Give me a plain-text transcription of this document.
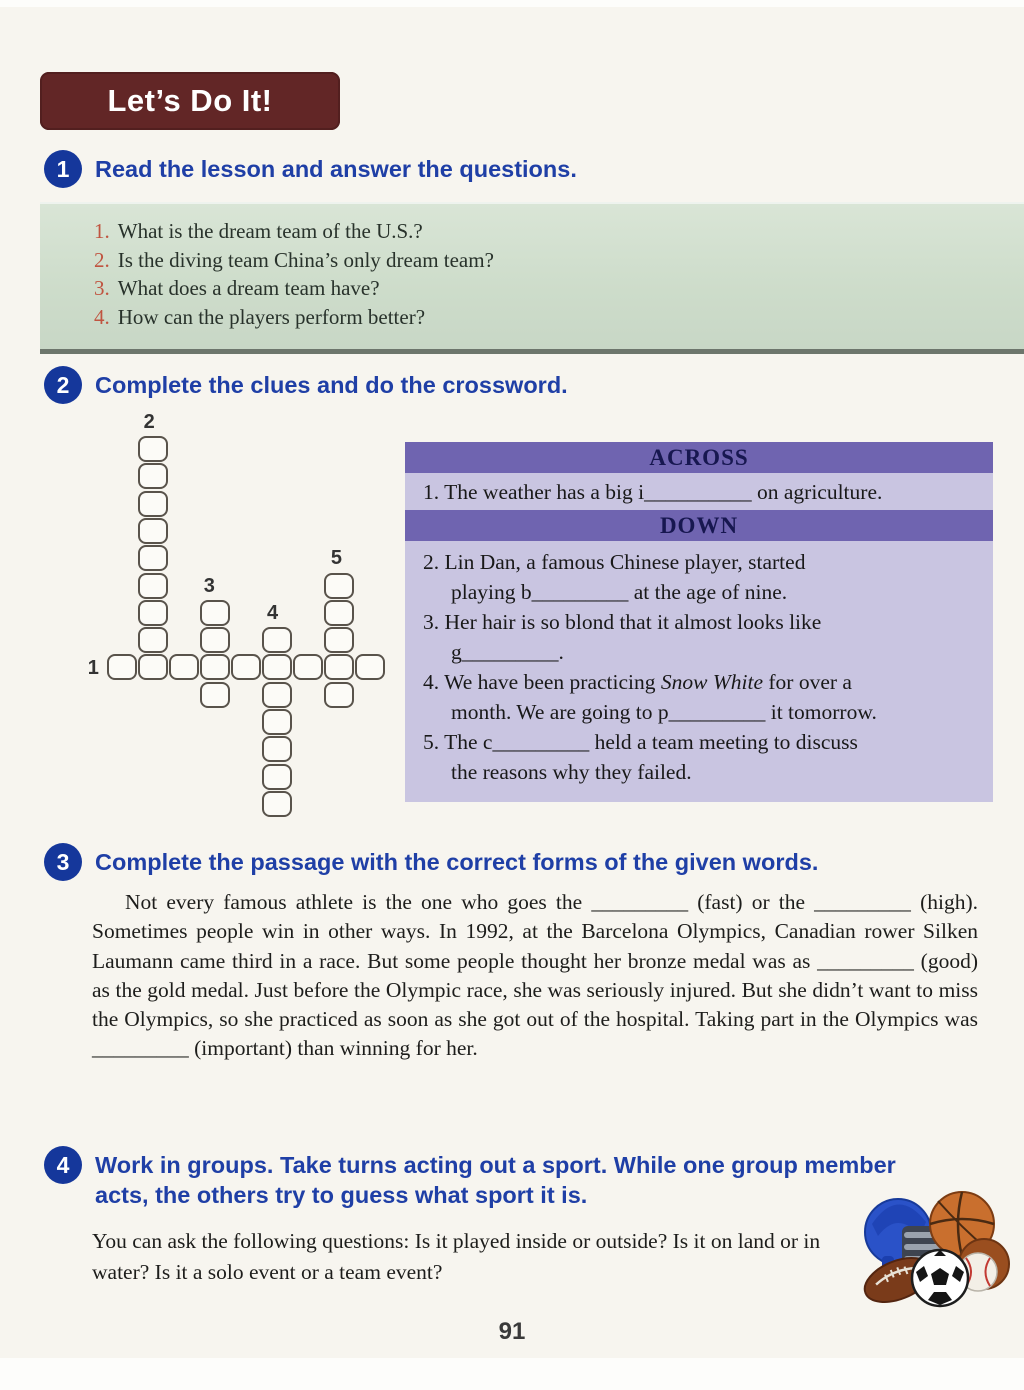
Let’s Do It!
1	Read the lesson and answer the questions.
1. What is the dream team of the U.S.?
2. Is the diving team China’s only dream team?
3. What does a dream team have?
4. How can the players perform better?
2	Complete the clues and do the crossword.
2
5
3
4
1
ACROSS
1. The weather has a big i__________ on agriculture.
DOWN
2. Lin Dan, a famous Chinese player, started
playing b_________ at the age of nine.
3. Her hair is so blond that it almost looks like
g_________.
4. We have been practicing Snow White for over a
month. We are going to p_________ it tomorrow.
5. The c_________ held a team meeting to discuss
the reasons why they failed.
3	Complete the passage with the correct forms of the given words.

Not every famous athlete is the one who goes the _________ (fast) or the _________ (high). Sometimes people win in other ways. In 1992, at the Barcelona Olympics, Canadian rower Silken Laumann came third in a race. But some people thought her bronze medal was as _________ (good) as the gold medal. Just before the Olympic race, she was seriously injured. But she didn’t want to miss the Olympics, so she practiced as soon as she got out of the hospital. Taking part in the Olympics was _________ (important) than winning for her.

4	Work in groups. Take turns acting out a sport. While one group member acts, the others try to guess what sport it is.

You can ask the following questions: Is it played inside or outside? Is it on land or in water? Is it a solo event or a team event?

91
